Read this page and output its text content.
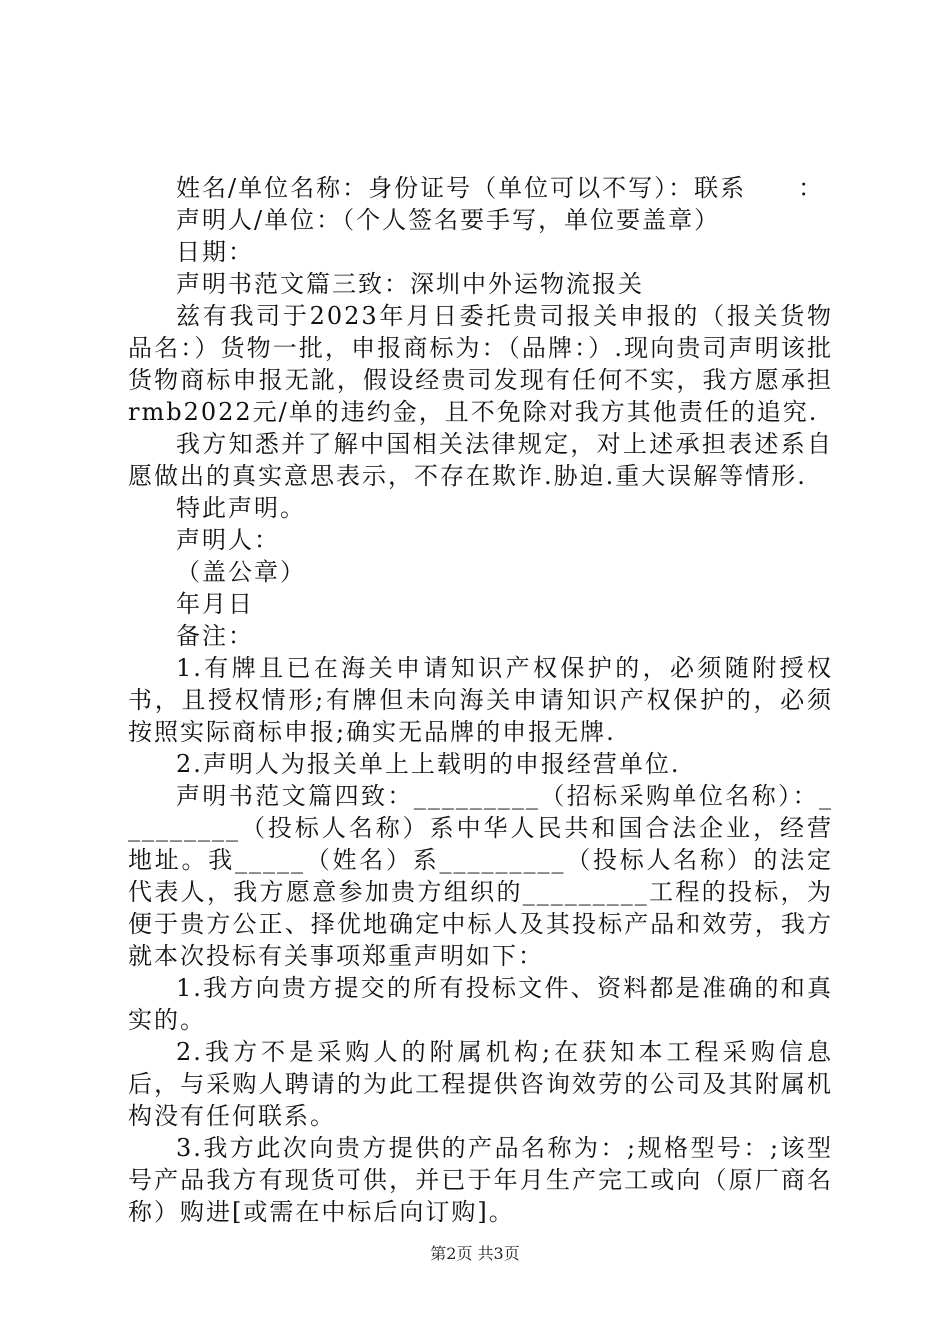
姓名/单位名称：身份证号（单位可以不写）：联系　　：

声明人/单位：（个人签名要手写，单位要盖章）

日期：

声明书范文篇三致：深圳中外运物流报关

兹有我司于2023年月日委托贵司报关申报的（报关货物品名：）货物一批，申报商标为：（品牌：）.现向贵司声明该批货物商标申报无訛，假设经贵司发现有任何不实，我方愿承担rmb2022元/单的违约金，且不免除对我方其他责任的追究.

我方知悉并了解中国相关法律规定，对上述承担表述系自愿做出的真实意思表示，不存在欺诈.胁迫.重大误解等情形.

特此声明。

声明人：

（盖公章）

年月日

备注：

1.有牌且已在海关申请知识产权保护的，必须随附授权书，且授权情形;有牌但未向海关申请知识产权保护的，必须按照实际商标申报;确实无品牌的申报无牌.

2.声明人为报关单上上载明的申报经营单位.

声明书范文篇四致：_________（招标采购单位名称）：_________（投标人名称）系中华人民共和国合法企业，经营地址。我_____（姓名）系_________（投标人名称）的法定代表人，我方愿意参加贵方组织的_________工程的投标，为便于贵方公正、择优地确定中标人及其投标产品和效劳，我方就本次投标有关事项郑重声明如下：

1.我方向贵方提交的所有投标文件、资料都是准确的和真实的。

2.我方不是采购人的附属机构;在获知本工程采购信息后，与采购人聘请的为此工程提供咨询效劳的公司及其附属机构没有任何联系。

3.我方此次向贵方提供的产品名称为：;规格型号：;该型号产品我方有现货可供，并已于年月生产完工或向（原厂商名称）购进[或需在中标后向订购]。

第2页 共3页
